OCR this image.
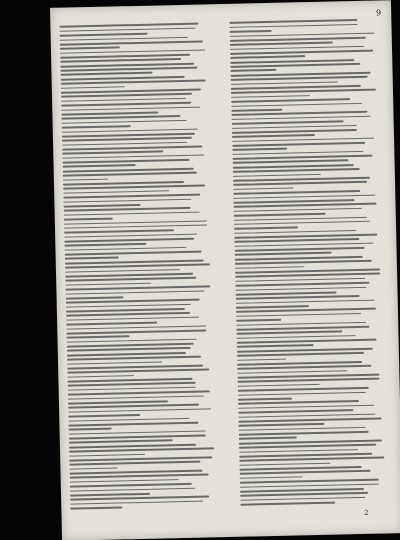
9
2
